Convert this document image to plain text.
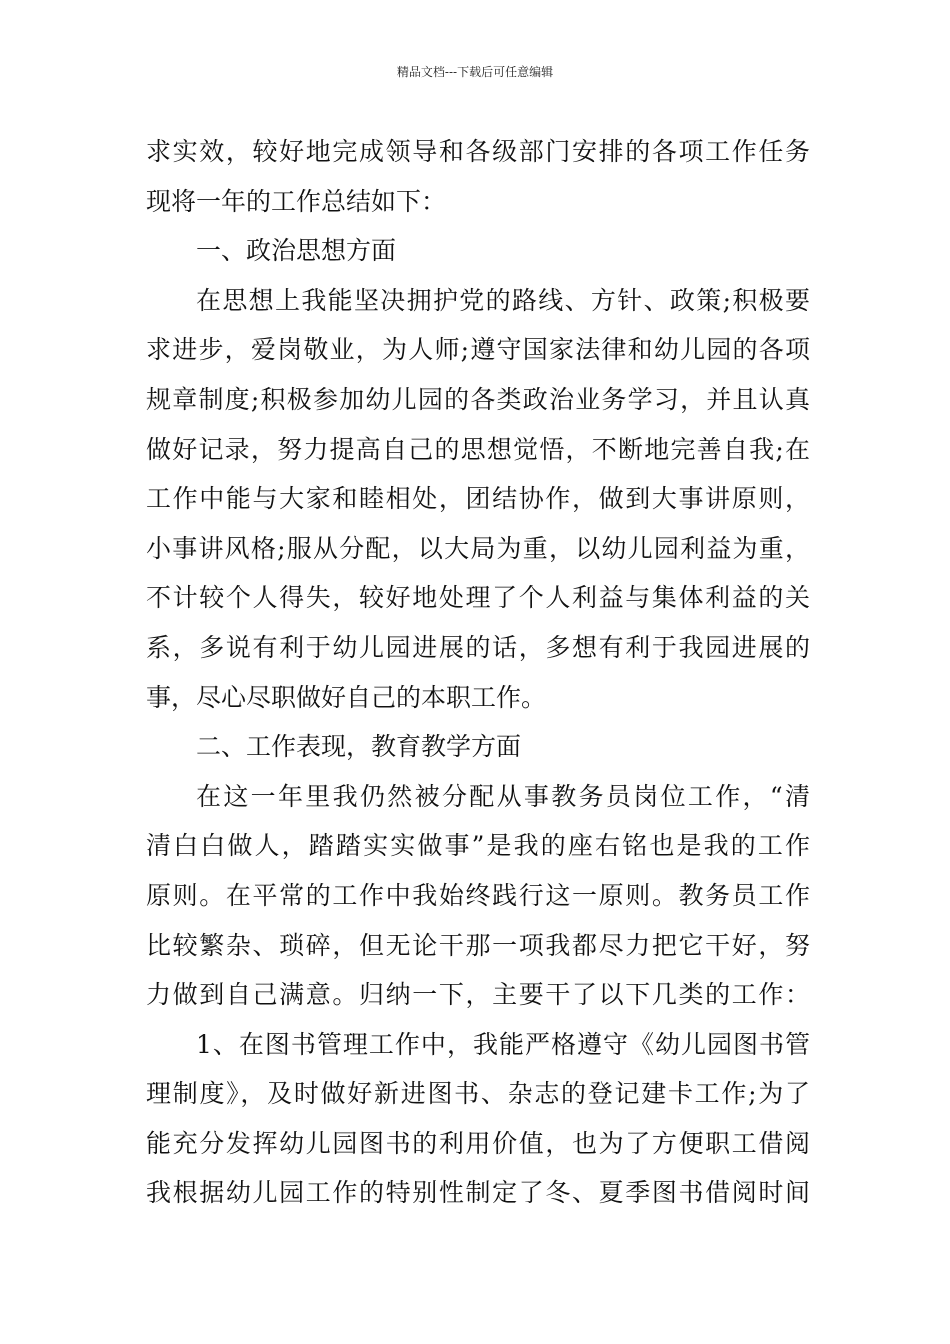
精品文档---下载后可任意编辑
求实效，较好地完成领导和各级部门安排的各项工作任务
现将一年的工作总结如下：
一、政治思想方面
在思想上我能坚决拥护党的路线、方针、政策;积极要
求进步，爱岗敬业，为人师;遵守国家法律和幼儿园的各项
规章制度;积极参加幼儿园的各类政治业务学习，并且认真
做好记录，努力提高自己的思想觉悟，不断地完善自我;在
工作中能与大家和睦相处，团结协作，做到大事讲原则，
小事讲风格;服从分配，以大局为重，以幼儿园利益为重，
不计较个人得失，较好地处理了个人利益与集体利益的关
系，多说有利于幼儿园进展的话，多想有利于我园进展的
事，尽心尽职做好自己的本职工作。
二、工作表现，教育教学方面
在这一年里我仍然被分配从事教务员岗位工作，“清
清白白做人，踏踏实实做事”是我的座右铭也是我的工作
原则。在平常的工作中我始终践行这一原则。教务员工作
比较繁杂、琐碎，但无论干那一项我都尽力把它干好，努
力做到自己满意。归纳一下，主要干了以下几类的工作：
1、在图书管理工作中，我能严格遵守《幼儿园图书管
理制度》，及时做好新进图书、杂志的登记建卡工作;为了
能充分发挥幼儿园图书的利用价值，也为了方便职工借阅
我根据幼儿园工作的特别性制定了冬、夏季图书借阅时间
